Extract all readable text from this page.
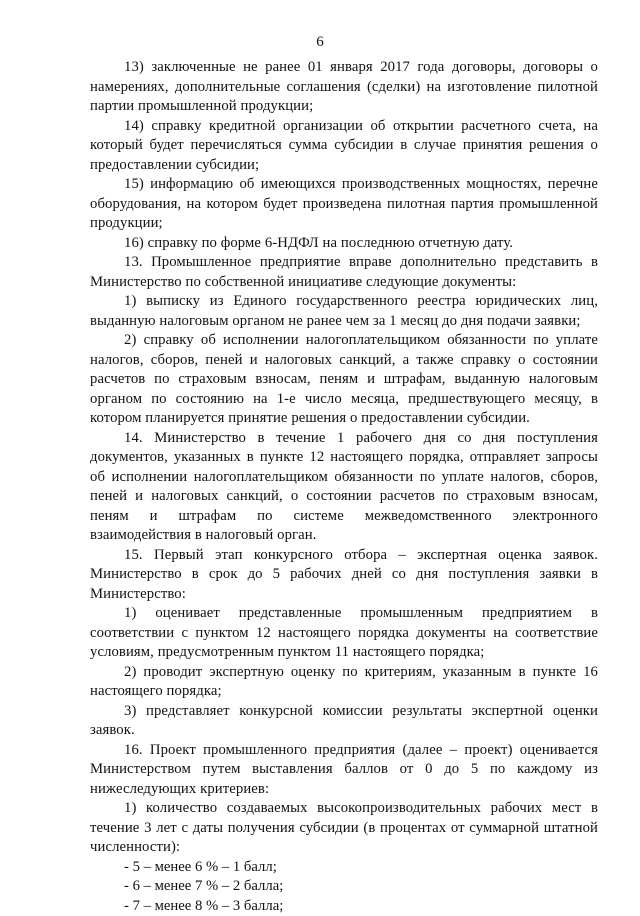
6

13) заключенные не ранее 01 января 2017 года договоры, договоры о намерениях, дополнительные соглашения (сделки) на изготовление пилотной партии промышленной продукции;

14) справку кредитной организации об открытии расчетного счета, на который будет перечисляться сумма субсидии в случае принятия решения о предоставлении субсидии;

15) информацию об имеющихся производственных мощностях, перечне оборудования, на котором будет произведена пилотная партия промышленной продукции;

16) справку по форме 6-НДФЛ на последнюю отчетную дату.

13. Промышленное предприятие вправе дополнительно представить в Министерство по собственной инициативе следующие документы:

1) выписку из Единого государственного реестра юридических лиц, выданную налоговым органом не ранее чем за 1 месяц до дня подачи заявки;

2) справку об исполнении налогоплательщиком обязанности по уплате налогов, сборов, пеней и налоговых санкций, а также справку о состоянии расчетов по страховым взносам, пеням и штрафам, выданную налоговым органом по состоянию на 1-е число месяца, предшествующего месяцу, в котором планируется принятие решения о предоставлении субсидии.

14. Министерство в течение 1 рабочего дня со дня поступления документов, указанных в пункте 12 настоящего порядка, отправляет запросы об исполнении налогоплательщиком обязанности по уплате налогов, сборов, пеней и налоговых санкций, о состоянии расчетов по страховым взносам, пеням и штрафам по системе межведомственного электронного взаимодействия в налоговый орган.

15. Первый этап конкурсного отбора – экспертная оценка заявок. Министерство в срок до 5 рабочих дней со дня поступления заявки в Министерство:

1) оценивает представленные промышленным предприятием в соответствии с пунктом 12 настоящего порядка документы на соответствие условиям, предусмотренным пунктом 11 настоящего порядка;

2) проводит экспертную оценку по критериям, указанным в пункте 16 настоящего порядка;

3) представляет конкурсной комиссии результаты экспертной оценки заявок.

16. Проект промышленного предприятия (далее – проект) оценивается Министерством путем выставления баллов от 0 до 5 по каждому из нижеследующих критериев:

1) количество создаваемых высокопроизводительных рабочих мест в течение 3 лет с даты получения субсидии (в процентах от суммарной штатной численности):

- 5 – менее 6 % – 1 балл;

- 6 – менее 7 % – 2 балла;

- 7 – менее 8 % – 3 балла;
